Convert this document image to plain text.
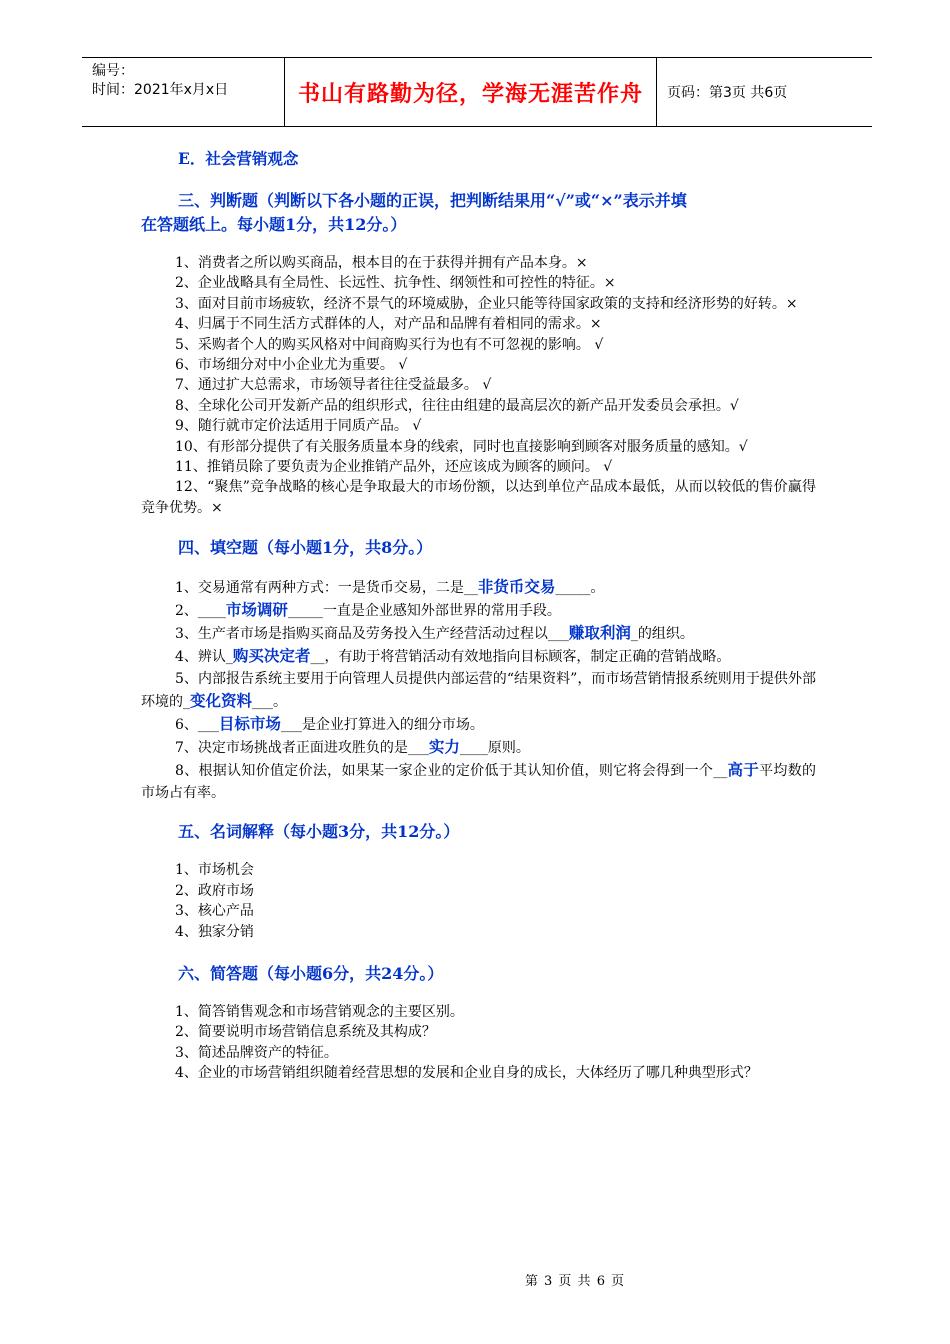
编号：
时间：2021年x月x日	书山有路勤为径，学海无涯苦作舟	页码：第3页 共6页
E．社会营销观念
三、判断题（判断以下各小题的正误，把判断结果用“√”或“×”表示并填
在答题纸上。每小题1分，共12分。）
1、消费者之所以购买商品，根本目的在于获得并拥有产品本身。×
2、企业战略具有全局性、长远性、抗争性、纲领性和可控性的特征。×
3、面对目前市场疲软，经济不景气的环境威胁，企业只能等待国家政策的支持和经济形势的好转。×
4、归属于不同生活方式群体的人，对产品和品牌有着相同的需求。×
5、采购者个人的购买风格对中间商购买行为也有不可忽视的影响。 √
6、市场细分对中小企业尤为重要。 √
7、通过扩大总需求，市场领导者往往受益最多。 √
8、全球化公司开发新产品的组织形式，往往由组建的最高层次的新产品开发委员会承担。√
9、随行就市定价法适用于同质产品。 √
10、有形部分提供了有关服务质量本身的线索，同时也直接影响到顾客对服务质量的感知。√
11、推销员除了要负责为企业推销产品外，还应该成为顾客的顾问。 √
12、“聚焦”竞争战略的核心是争取最大的市场份额，以达到单位产品成本最低，从而以较低的售价赢得竞争优势。×
四、填空题（每小题1分，共8分。）
1、交易通常有两种方式：一是货币交易，二是__非货币交易_____。
2、____市场调研_____一直是企业感知外部世界的常用手段。
3、生产者市场是指购买商品及劳务投入生产经营活动过程以___赚取利润_的组织。
4、辨认_购买决定者__，有助于将营销活动有效地指向目标顾客，制定正确的营销战略。
5、内部报告系统主要用于向管理人员提供内部运营的“结果资料”，而市场营销情报系统则用于提供外部环境的_变化资料___。
6、___目标市场___是企业打算进入的细分市场。
7、决定市场挑战者正面进攻胜负的是___实力____原则。
8、根据认知价值定价法，如果某一家企业的定价低于其认知价值，则它将会得到一个__高于平均数的市场占有率。
五、名词解释（每小题3分，共12分。）
1、市场机会
2、政府市场
3、核心产品
4、独家分销
六、简答题（每小题6分，共24分。）
1、简答销售观念和市场营销观念的主要区别。
2、简要说明市场营销信息系统及其构成？
3、简述品牌资产的特征。
4、企业的市场营销组织随着经营思想的发展和企业自身的成长，大体经历了哪几种典型形式？
第 3 页 共 6 页
